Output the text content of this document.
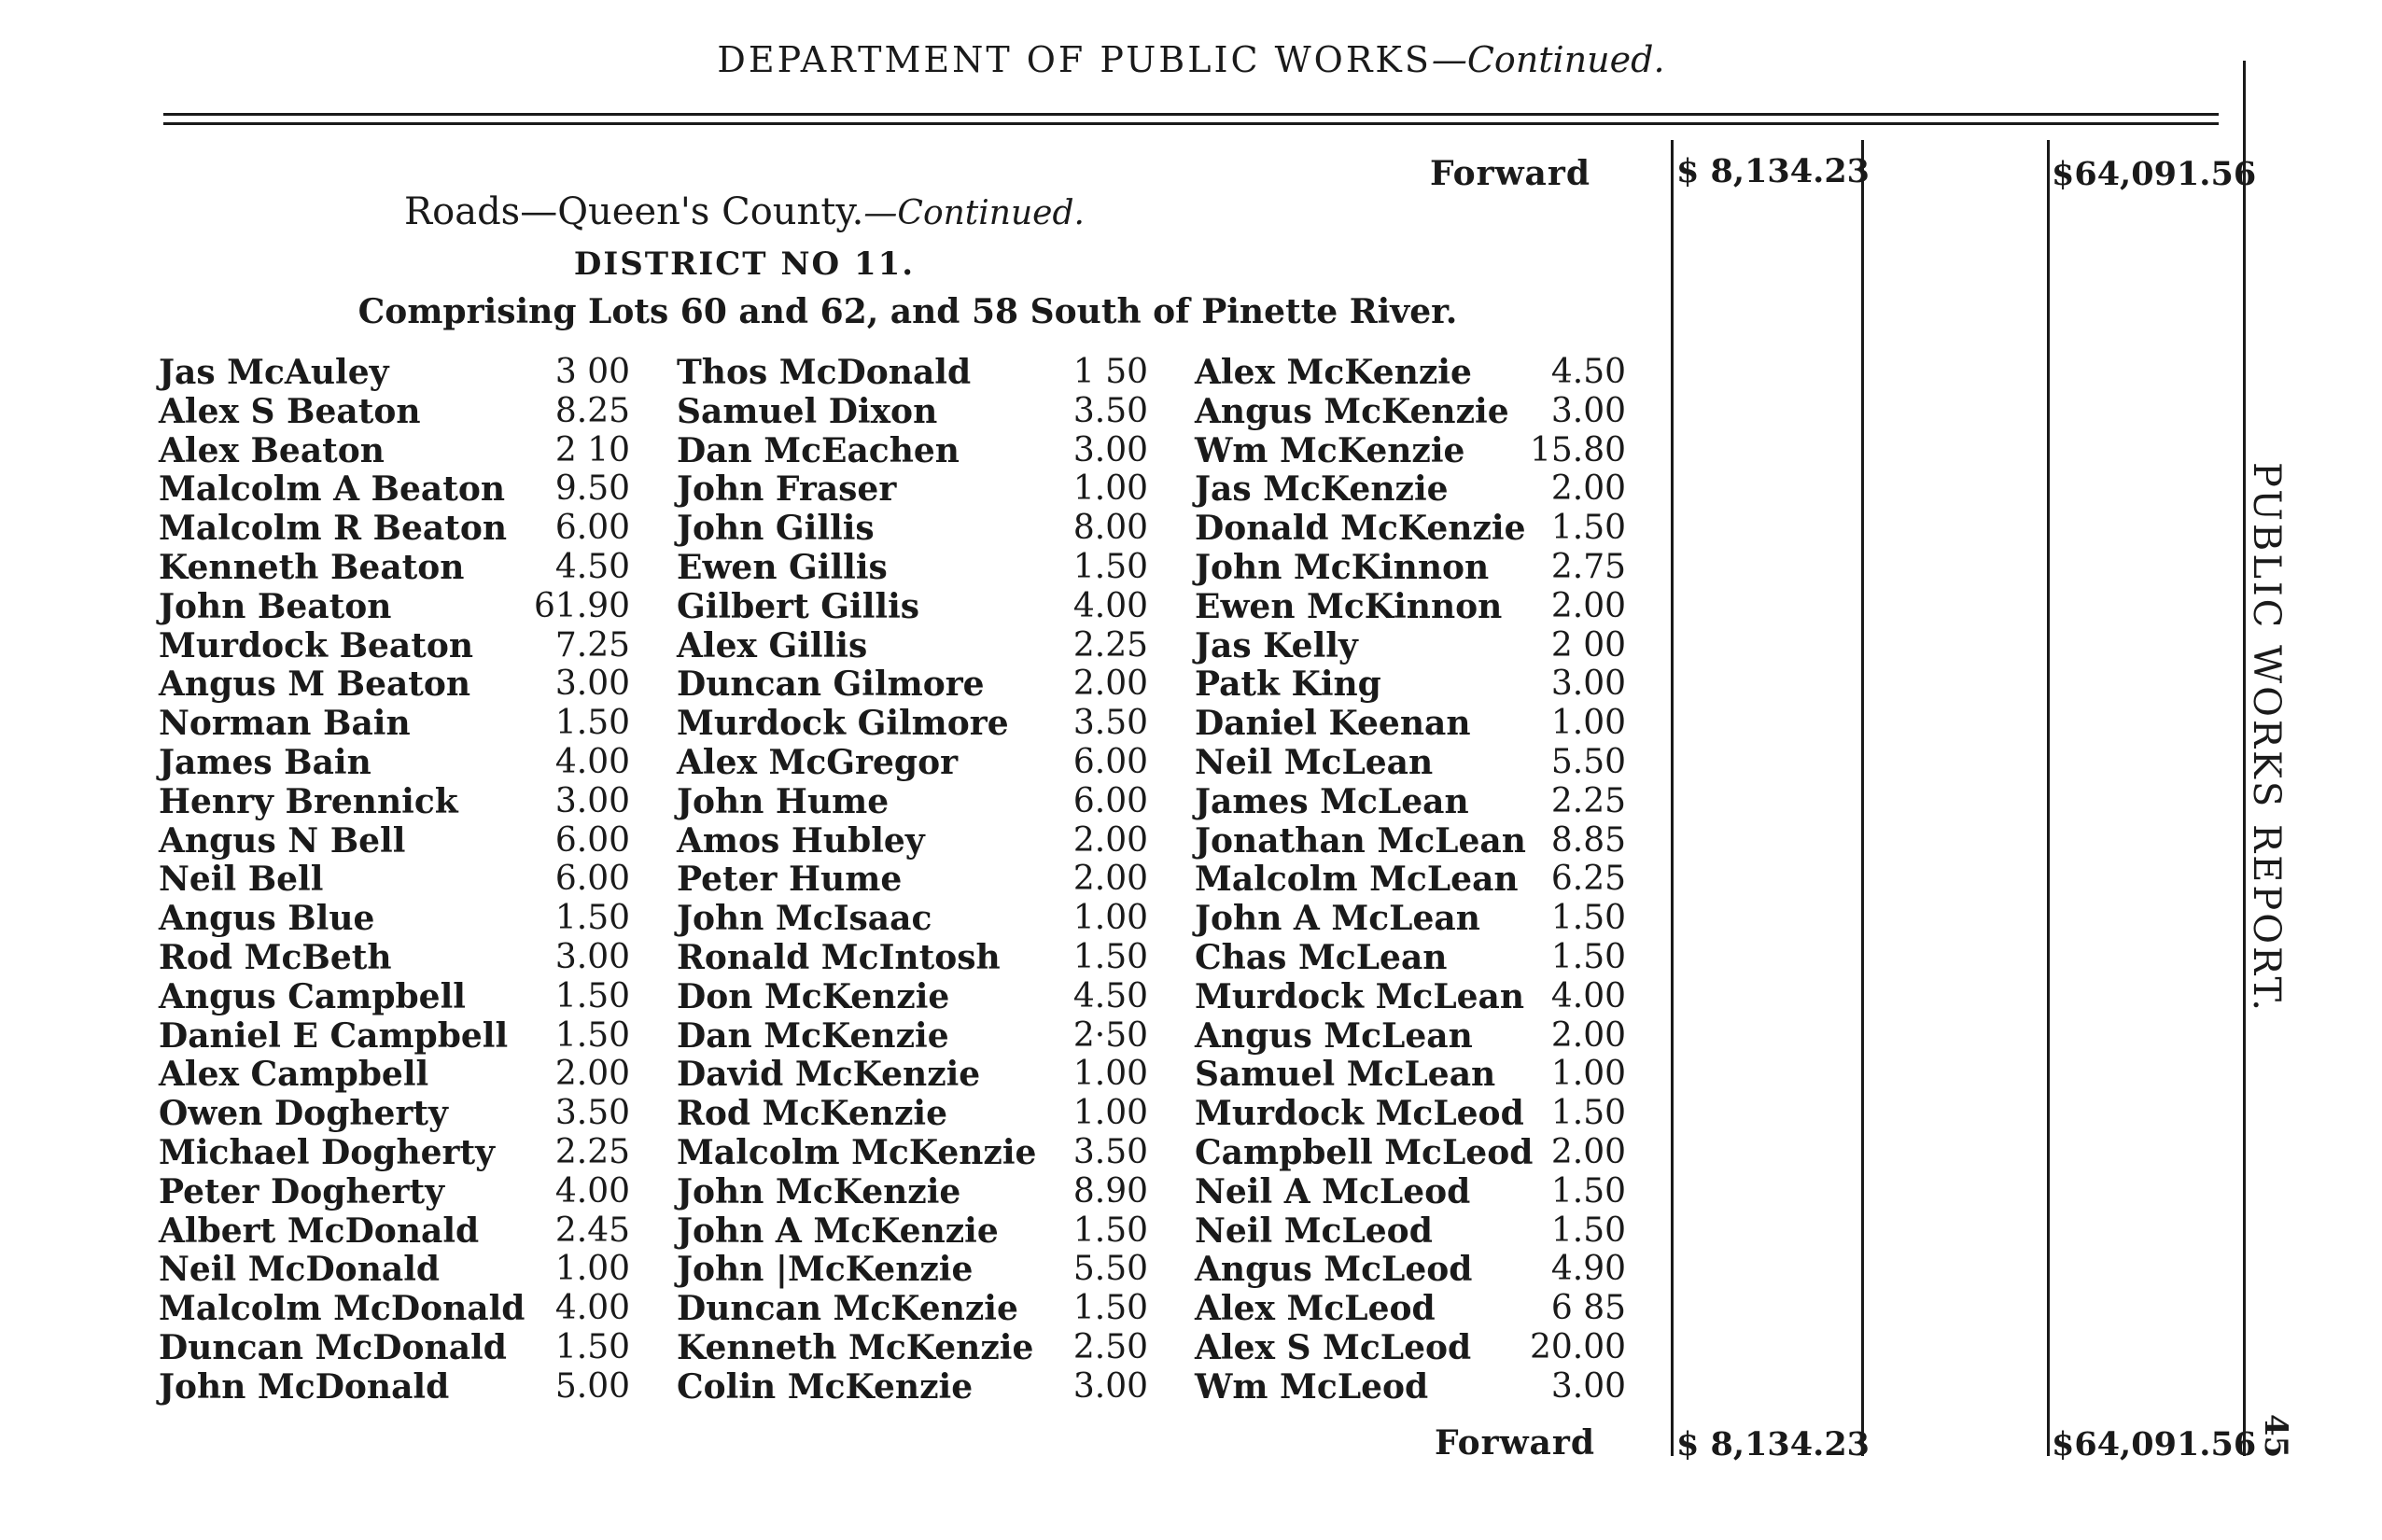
DEPARTMENT OF PUBLIC WORKS—Continued.
Forward	$ 8,134.23	$64,091.56
Roads—Queen's County.—Continued.
DISTRICT NO 11.
Comprising Lots 60 and 62, and 58 South of Pinette River.
Jas McAuley	3 00
Alex S Beaton	8.25
Alex Beaton	2 10
Malcolm A Beaton	9.50
Malcolm R Beaton	6.00
Kenneth Beaton	4.50
John Beaton	61.90
Murdock Beaton	7.25
Angus M Beaton	3.00
Norman Bain	1.50
James Bain	4.00
Henry Brennick	3.00
Angus N Bell	6.00
Neil Bell	6.00
Angus Blue	1.50
Rod McBeth	3.00
Angus Campbell	1.50
Daniel E Campbell	1.50
Alex Campbell	2.00
Owen Dogherty	3.50
Michael Dogherty	2.25
Peter Dogherty	4.00
Albert McDonald	2.45
Neil McDonald	1.00
Malcolm McDonald 4.00
Duncan McDonald	1.50
John McDonald	5.00
Thos McDonald	1 50
Samuel Dixon	3.50
Dan McEachen	3.00
John Fraser	1.00
John Gillis	8.00
Ewen Gillis	1.50
Gilbert Gillis	4.00
Alex Gillis	2.25
Duncan Gilmore	2.00
Murdock Gilmore	3.50
Alex McGregor	6.00
John Hume	6.00
Amos Hubley	2.00
Peter Hume	2.00
John McIsaac	1.00
Ronald McIntosh	1.50
Don McKenzie	4.50
Dan McKenzie	2·50
David McKenzie	1.00
Rod McKenzie	1.00
Malcolm McKenzie	3.50
John McKenzie	8.90
John A McKenzie	1.50
John |McKenzie	5.50
Duncan McKenzie	1.50
Kenneth McKenzie	2.50
Colin McKenzie	3.00
Alex McKenzie	4.50
Angus McKenzie	3.00
Wm McKenzie	15.80
Jas McKenzie	2.00
Donald McKenzie 1.50
John McKinnon	2.75
Ewen McKinnon	2.00
Jas Kelly	2 00
Patk King	3.00
Daniel Keenan	1.00
Neil McLean	5.50
James McLean	2.25
Jonathan McLean 8.85
Malcolm McLean 6.25
John A McLean	1.50
Chas McLean	1.50
Murdock McLean 4.00
Angus McLean	2.00
Samuel McLean	1.00
Murdock McLeod 1.50
Campbell McLeod 2.00
Neil A McLeod	1.50
Neil McLeod	1.50
Angus McLeod	4.90
Alex McLeod	6 85
Alex S McLeod	20.00
Wm McLeod	3.00
Forward $ 8,134.23	$64,091.56
PUBLIC WORKS REPORT.
45
